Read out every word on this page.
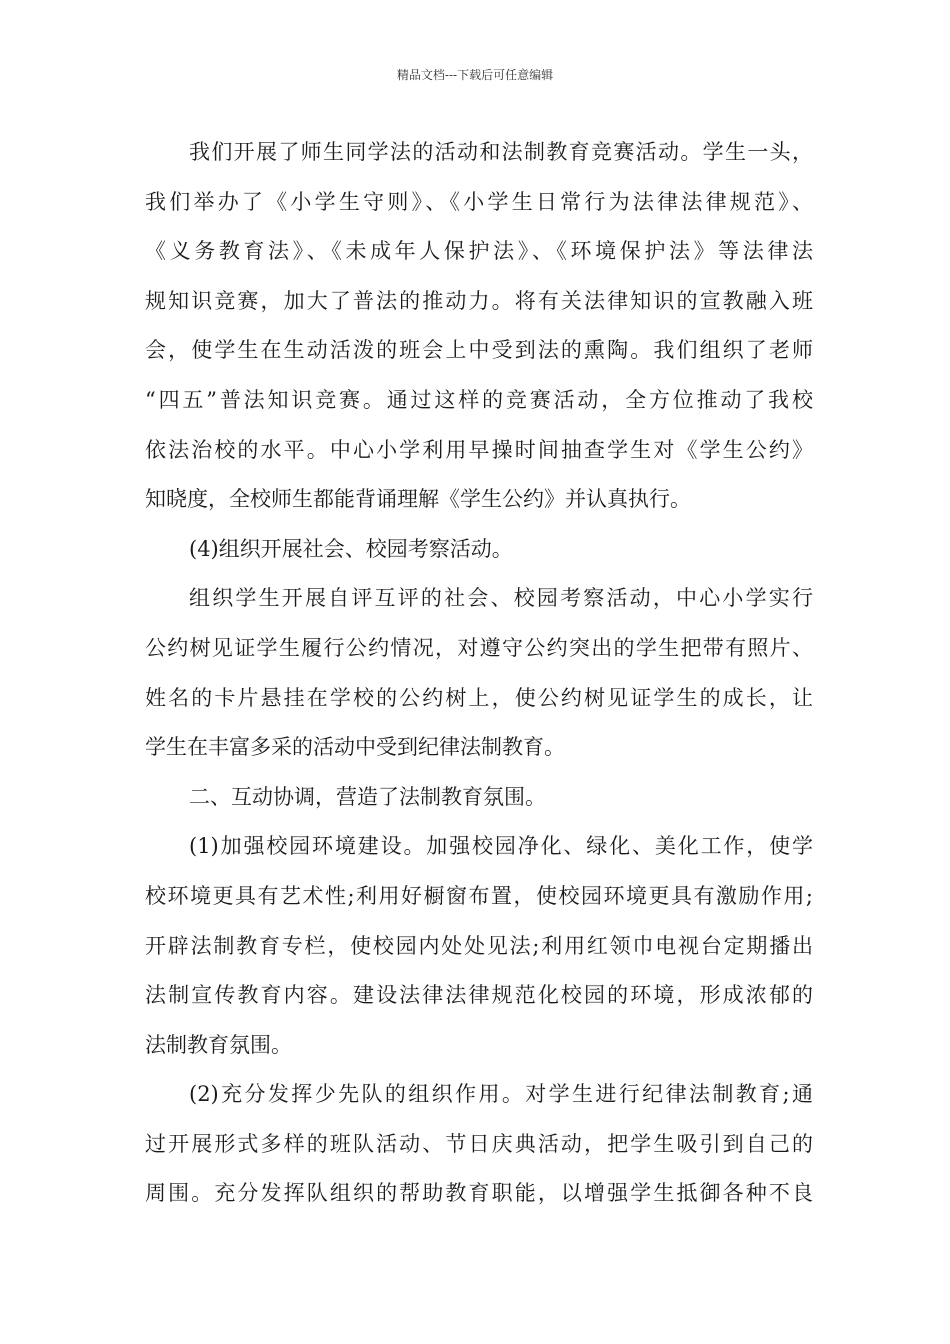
精品文档---下载后可任意编辑
我们开展了师生同学法的活动和法制教育竞赛活动。学生一头，
我们举办了《小学生守则》、《小学生日常行为法律法律规范》、
《义务教育法》、《未成年人保护法》、《环境保护法》等法律法
规知识竞赛，加大了普法的推动力。将有关法律知识的宣教融入班
会，使学生在生动活泼的班会上中受到法的熏陶。我们组织了老师
“四五”普法知识竞赛。通过这样的竞赛活动，全方位推动了我校
依法治校的水平。中心小学利用早操时间抽查学生对《学生公约》
知晓度，全校师生都能背诵理解《学生公约》并认真执行。
(4)组织开展社会、校园考察活动。
组织学生开展自评互评的社会、校园考察活动，中心小学实行
公约树见证学生履行公约情况，对遵守公约突出的学生把带有照片、
姓名的卡片悬挂在学校的公约树上，使公约树见证学生的成长，让
学生在丰富多采的活动中受到纪律法制教育。
二、互动协调，营造了法制教育氛围。
(1)加强校园环境建设。加强校园净化、绿化、美化工作，使学
校环境更具有艺术性;利用好橱窗布置，使校园环境更具有激励作用;
开辟法制教育专栏，使校园内处处见法;利用红领巾电视台定期播出
法制宣传教育内容。建设法律法律规范化校园的环境，形成浓郁的
法制教育氛围。
(2)充分发挥少先队的组织作用。对学生进行纪律法制教育;通
过开展形式多样的班队活动、节日庆典活动，把学生吸引到自己的
周围。充分发挥队组织的帮助教育职能，以增强学生抵御各种不良
